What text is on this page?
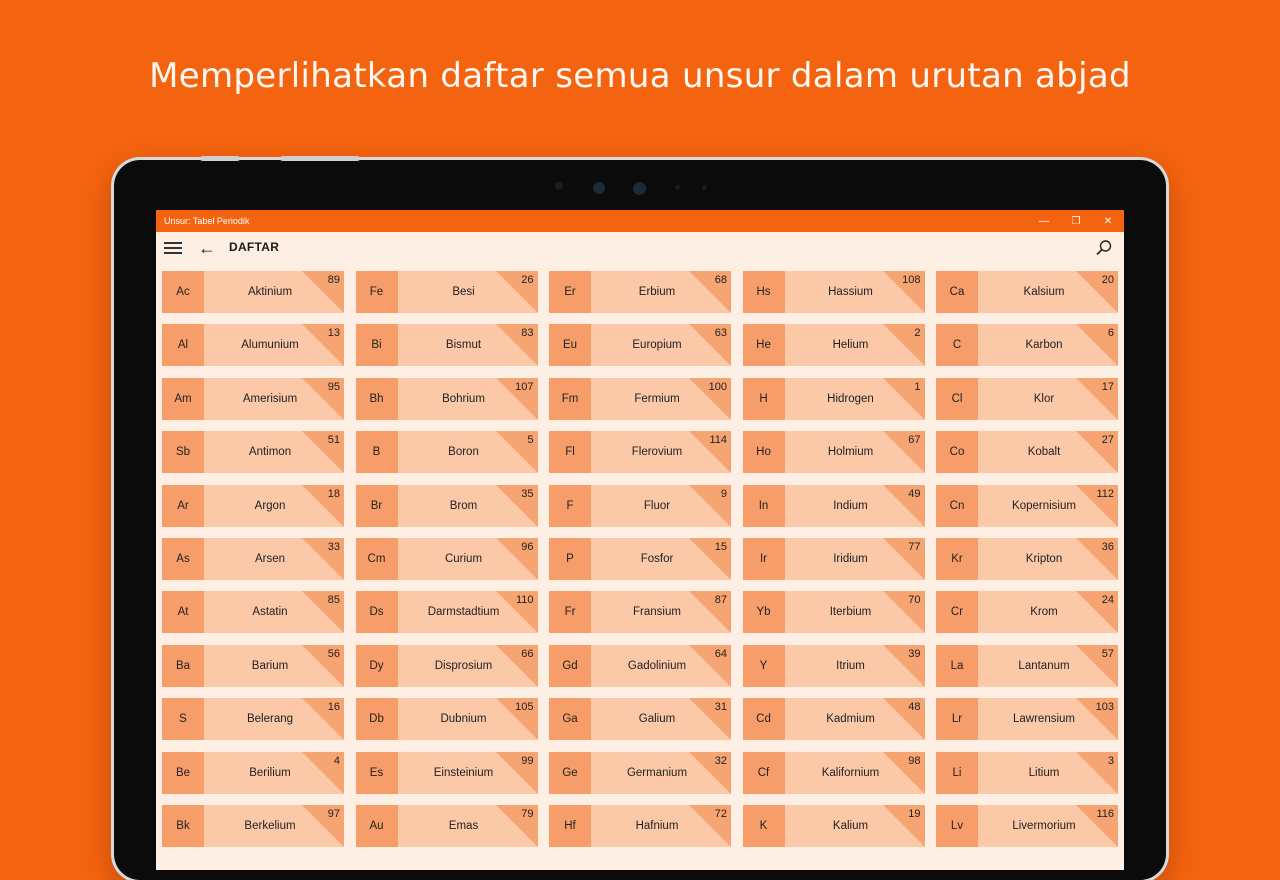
Memperlihatkan daftar semua unsur dalam urutan abjad
Unsur: Tabel Periodik	—	❐	✕
← DAFTAR
Ac	Aktinium
89
Fe	Besi
26
Er	Erbium
68
Hs	Hassium
108
Ca	Kalsium
20
Al	Alumunium
13
Bi	Bismut
83
Eu	Europium
63
He	Helium
2
C	Karbon
6
Am	Amerisium
95
Bh	Bohrium
107
Fm	Fermium
100
H	Hidrogen
1
Cl	Klor
17
Sb	Antimon
51
B	Boron
5
Fl	Flerovium
114
Ho	Holmium
67
Co	Kobalt
27
Ar	Argon
18
Br	Brom
35
F	Fluor
9
In	Indium
49
Cn	Kopernisium
112
As	Arsen
33
Cm	Curium
96
P	Fosfor
15
Ir	Iridium
77
Kr	Kripton
36
At	Astatin
85
Ds	Darmstadtium
110
Fr	Fransium
87
Yb	Iterbium
70
Cr	Krom
24
Ba	Barium
56
Dy	Disprosium
66
Gd	Gadolinium
64
Y	Itrium
39
La	Lantanum
57
S	Belerang
16
Db	Dubnium
105
Ga	Galium
31
Cd	Kadmium
48
Lr	Lawrensium
103
Be	Berilium
4
Es	Einsteinium
99
Ge	Germanium
32
Cf	Kalifornium
98
Li	Litium
3
Bk	Berkelium
97
Au	Emas
79
Hf	Hafnium
72
K	Kalium
19
Lv	Livermorium
116
